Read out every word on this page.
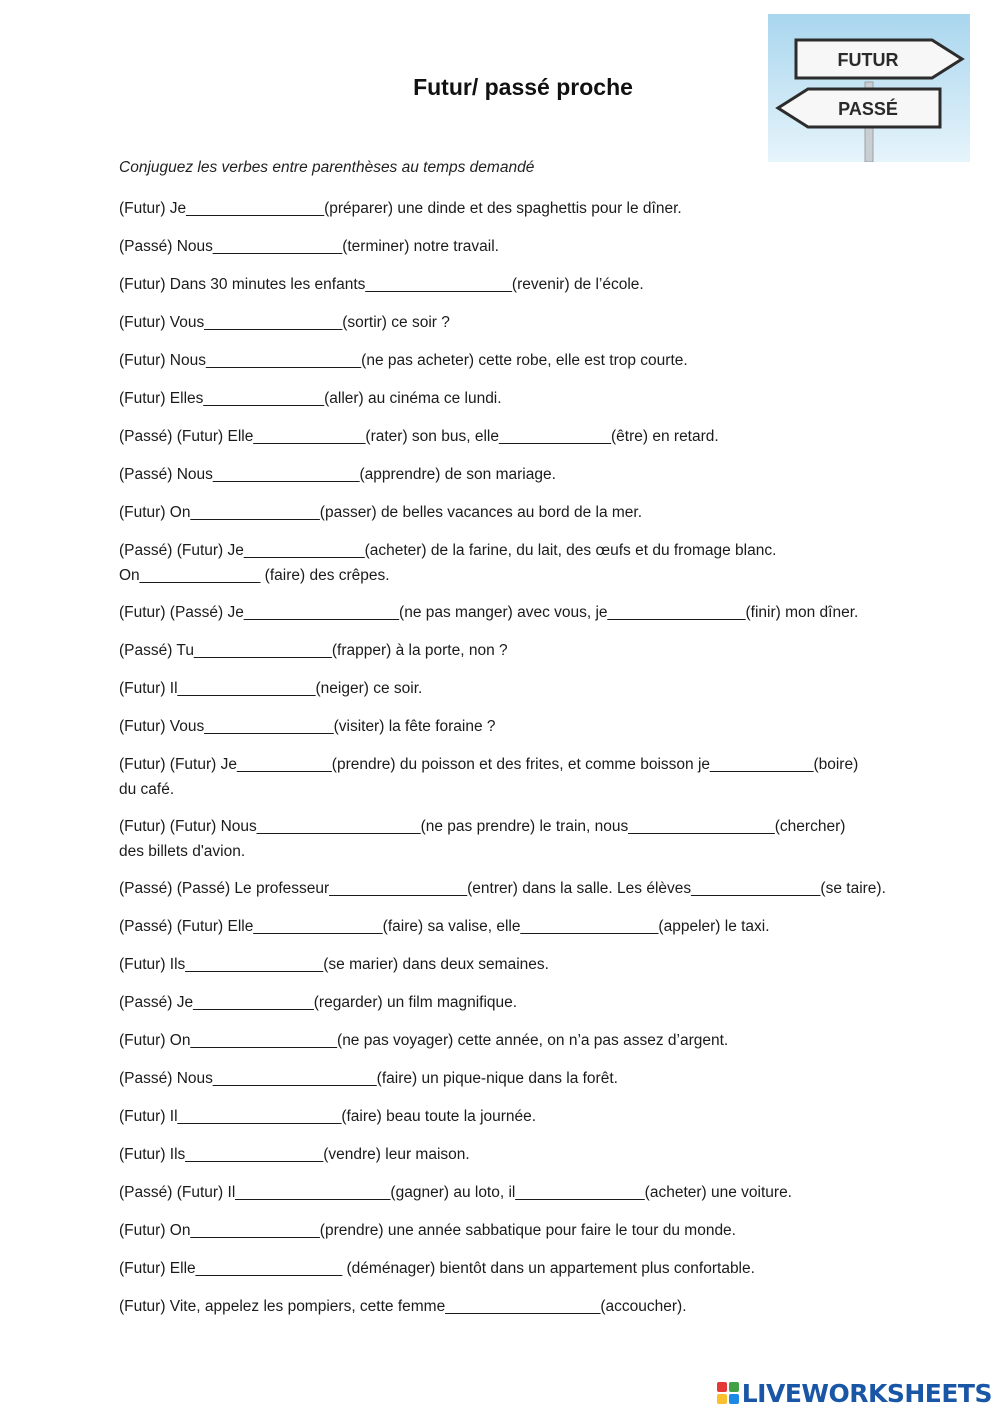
Futur/ passé proche
FUTUR
PASSÉ
Conjuguez les verbes entre parenthèses au temps demandé
(Futur) Je________________(préparer) une dinde et des spaghettis pour le dîner.
(Passé) Nous_______________(terminer) notre travail.
(Futur) Dans 30 minutes les enfants_________________(revenir) de l’école.
(Futur) Vous________________(sortir) ce soir ?
(Futur) Nous__________________(ne pas acheter) cette robe, elle est trop courte.
(Futur) Elles______________(aller) au cinéma ce lundi.
(Passé) (Futur) Elle_____________(rater) son bus, elle_____________(être) en retard.
(Passé) Nous_________________(apprendre) de son mariage.
(Futur) On_______________(passer) de belles vacances au bord de la mer.
(Passé) (Futur) Je______________(acheter) de la farine, du lait, des œufs et du fromage blanc.
On______________ (faire) des crêpes.
(Futur) (Passé) Je__________________(ne pas manger) avec vous, je________________(finir) mon dîner.
(Passé) Tu________________(frapper) à la porte, non ?
(Futur) Il________________(neiger) ce soir.
(Futur) Vous_______________(visiter) la fête foraine ?
(Futur) (Futur) Je___________(prendre) du poisson et des frites, et comme boisson je____________(boire)
du café.
(Futur) (Futur) Nous___________________(ne pas prendre) le train, nous_________________(chercher)
des billets d'avion.
(Passé) (Passé) Le professeur________________(entrer) dans la salle. Les élèves_______________(se taire).
(Passé) (Futur) Elle_______________(faire) sa valise, elle________________(appeler) le taxi.
(Futur) Ils________________(se marier) dans deux semaines.
(Passé) Je______________(regarder) un film magnifique.
(Futur) On_________________(ne pas voyager) cette année, on n’a pas assez d’argent.
(Passé) Nous___________________(faire) un pique-nique dans la forêt.
(Futur) Il___________________(faire) beau toute la journée.
(Futur) Ils________________(vendre) leur maison.
(Passé) (Futur) Il__________________(gagner) au loto, il_______________(acheter) une voiture.
(Futur) On_______________(prendre) une année sabbatique pour faire le tour du monde.
(Futur) Elle_________________ (déménager) bientôt dans un appartement plus confortable.
(Futur) Vite, appelez les pompiers, cette femme__________________(accoucher).
LIVEWORKSHEETS
